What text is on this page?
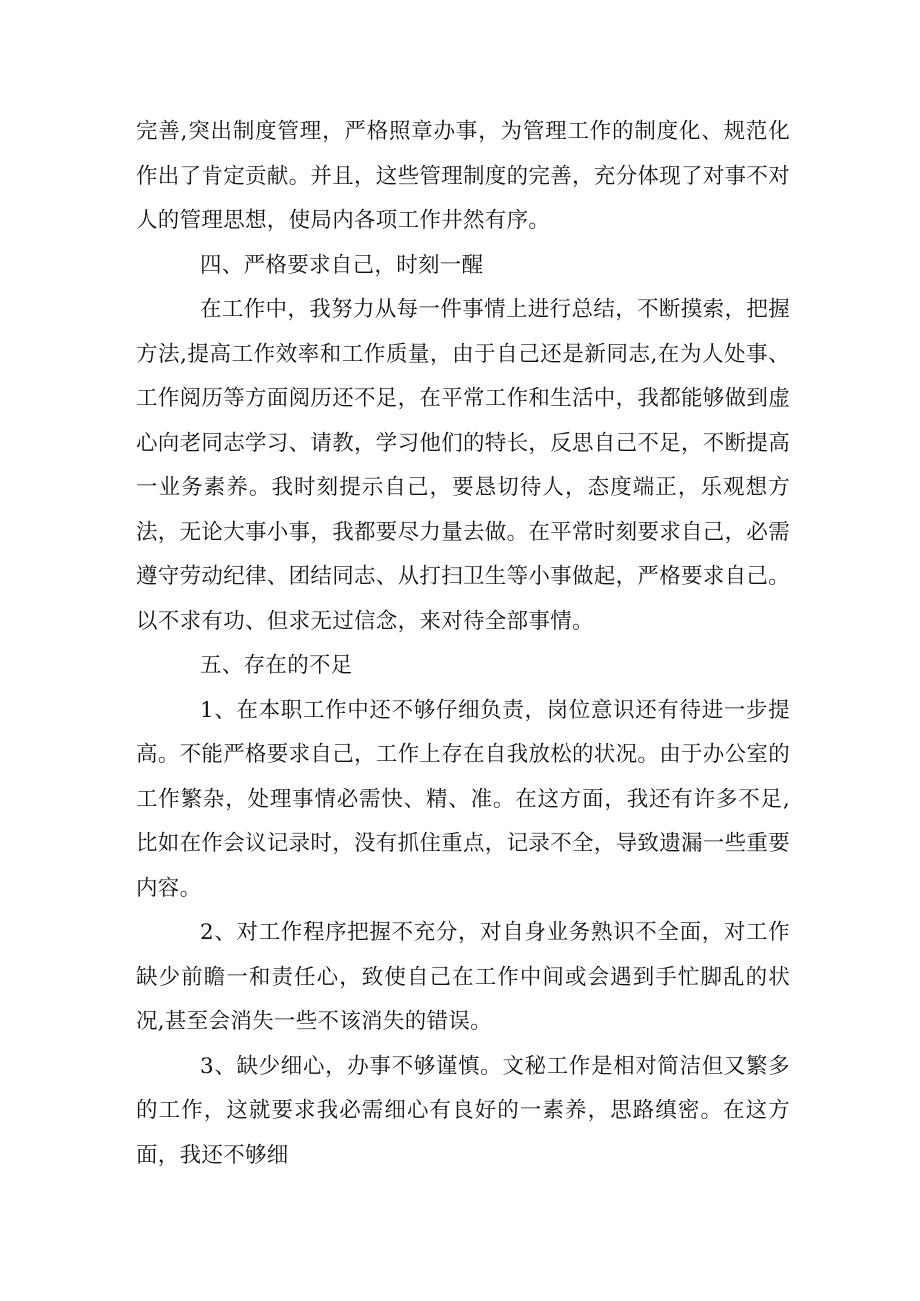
完善,突出制度管理，严格照章办事，为管理工作的制度化、规范化作出了肯定贡献。并且，这些管理制度的完善，充分体现了对事不对人的管理思想，使局内各项工作井然有序。

四、严格要求自己，时刻一醒

在工作中，我努力从每一件事情上进行总结，不断摸索，把握方法,提高工作效率和工作质量，由于自己还是新同志,在为人处事、工作阅历等方面阅历还不足，在平常工作和生活中，我都能够做到虚心向老同志学习、请教，学习他们的特长，反思自己不足，不断提高一业务素养。我时刻提示自己，要恳切待人，态度端正，乐观想方法，无论大事小事，我都要尽力量去做。在平常时刻要求自己，必需遵守劳动纪律、团结同志、从打扫卫生等小事做起，严格要求自己。以不求有功、但求无过信念，来对待全部事情。

五、存在的不足

1、在本职工作中还不够仔细负责，岗位意识还有待进一步提高。不能严格要求自己，工作上存在自我放松的状况。由于办公室的工作繁杂，处理事情必需快、精、准。在这方面，我还有许多不足,比如在作会议记录时，没有抓住重点，记录不全，导致遗漏一些重要内容。

2、对工作程序把握不充分，对自身业务熟识不全面，对工作缺少前瞻一和责任心，致使自己在工作中间或会遇到手忙脚乱的状况,甚至会消失一些不该消失的错误。

3、缺少细心，办事不够谨慎。文秘工作是相对简洁但又繁多的工作，这就要求我必需细心有良好的一素养，思路缜密。在这方面，我还不够细
